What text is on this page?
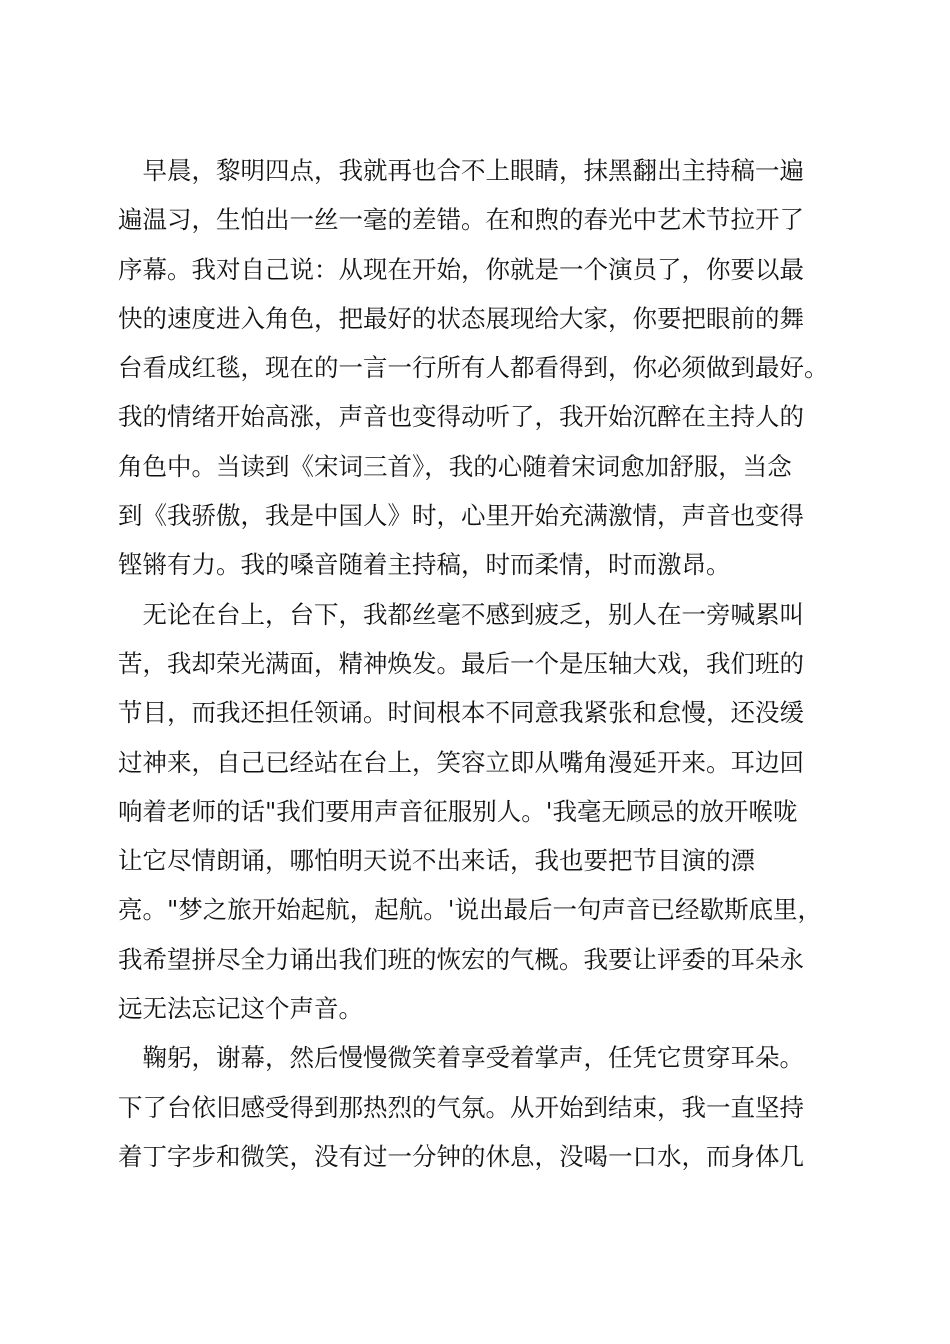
　早晨，黎明四点，我就再也合不上眼睛，抹黑翻出主持稿一遍
遍温习，生怕出一丝一毫的差错。在和煦的春光中艺术节拉开了
序幕。我对自己说：从现在开始，你就是一个演员了，你要以最
快的速度进入角色，把最好的状态展现给大家，你要把眼前的舞
台看成红毯，现在的一言一行所有人都看得到，你必须做到最好。
我的情绪开始高涨，声音也变得动听了，我开始沉醉在主持人的
角色中。当读到《宋词三首》，我的心随着宋词愈加舒服，当念
到《我骄傲，我是中国人》时，心里开始充满激情，声音也变得
铿锵有力。我的嗓音随着主持稿，时而柔情，时而激昂。
　无论在台上，台下，我都丝毫不感到疲乏，别人在一旁喊累叫
苦，我却荣光满面，精神焕发。最后一个是压轴大戏，我们班的
节目，而我还担任领诵。时间根本不同意我紧张和怠慢，还没缓
过神来，自己已经站在台上，笑容立即从嘴角漫延开来。耳边回
响着老师的话"我们要用声音征服别人。'我毫无顾忌的放开喉咙
让它尽情朗诵，哪怕明天说不出来话，我也要把节目演的漂
亮。"梦之旅开始起航，起航。'说出最后一句声音已经歇斯底里，
我希望拼尽全力诵出我们班的恢宏的气概。我要让评委的耳朵永
远无法忘记这个声音。
　鞠躬，谢幕，然后慢慢微笑着享受着掌声，任凭它贯穿耳朵。
下了台依旧感受得到那热烈的气氛。从开始到结束，我一直坚持
着丁字步和微笑，没有过一分钟的休息，没喝一口水，而身体几
